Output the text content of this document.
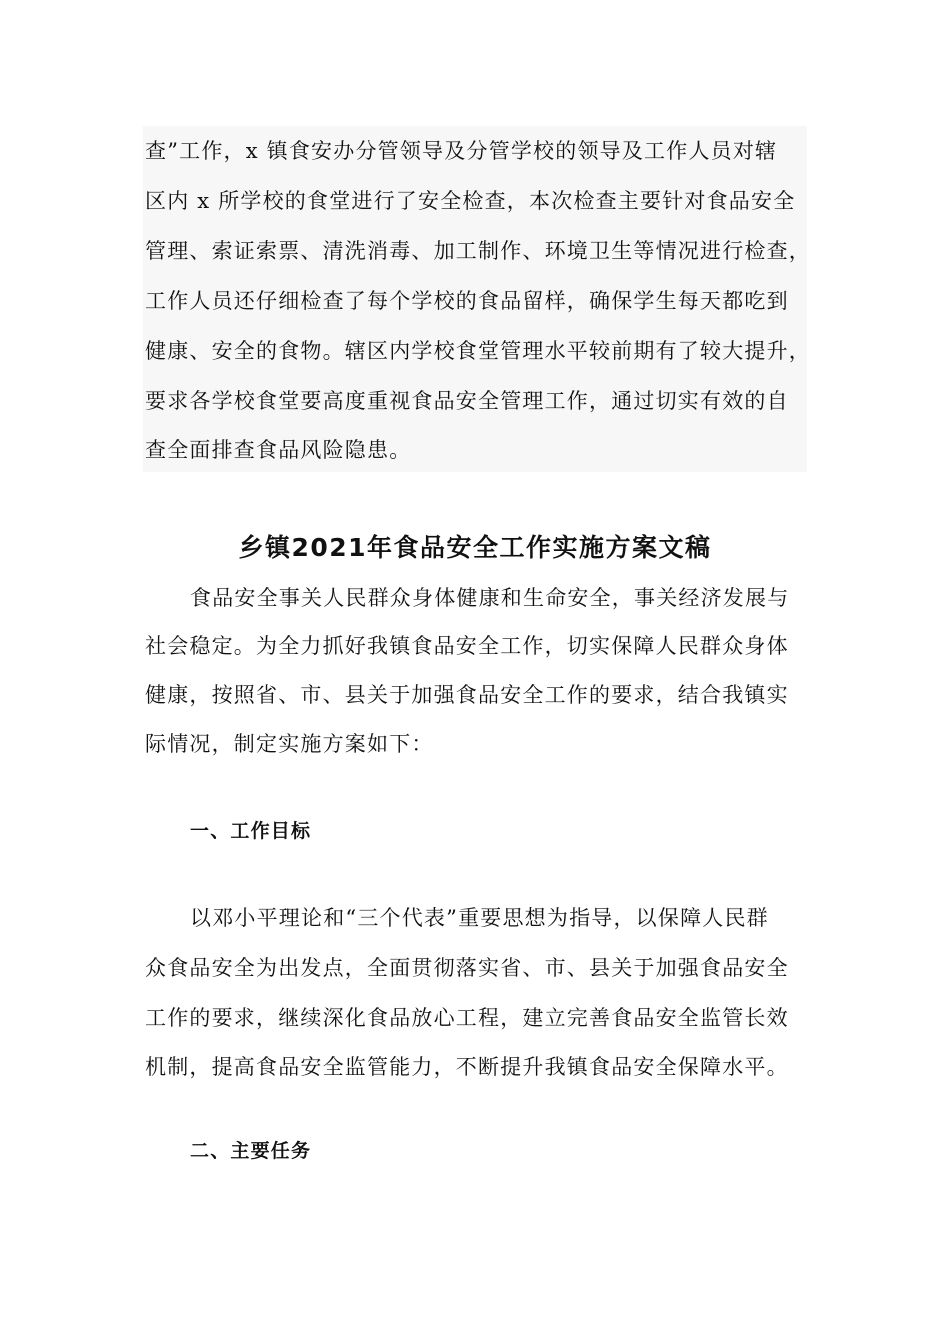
查”工作，x 镇食安办分管领导及分管学校的领导及工作人员对辖
区内 x 所学校的食堂进行了安全检查，本次检查主要针对食品安全
管理、索证索票、清洗消毒、加工制作、环境卫生等情况进行检查，
工作人员还仔细检查了每个学校的食品留样，确保学生每天都吃到
健康、安全的食物。辖区内学校食堂管理水平较前期有了较大提升，
要求各学校食堂要高度重视食品安全管理工作，通过切实有效的自
查全面排查食品风险隐患。
乡镇2021年食品安全工作实施方案文稿
食品安全事关人民群众身体健康和生命安全，事关经济发展与
社会稳定。为全力抓好我镇食品安全工作，切实保障人民群众身体
健康，按照省、市、县关于加强食品安全工作的要求，结合我镇实
际情况，制定实施方案如下：
一、工作目标
以邓小平理论和“三个代表”重要思想为指导，以保障人民群
众食品安全为出发点，全面贯彻落实省、市、县关于加强食品安全
工作的要求，继续深化食品放心工程，建立完善食品安全监管长效
机制，提高食品安全监管能力，不断提升我镇食品安全保障水平。
二、主要任务
